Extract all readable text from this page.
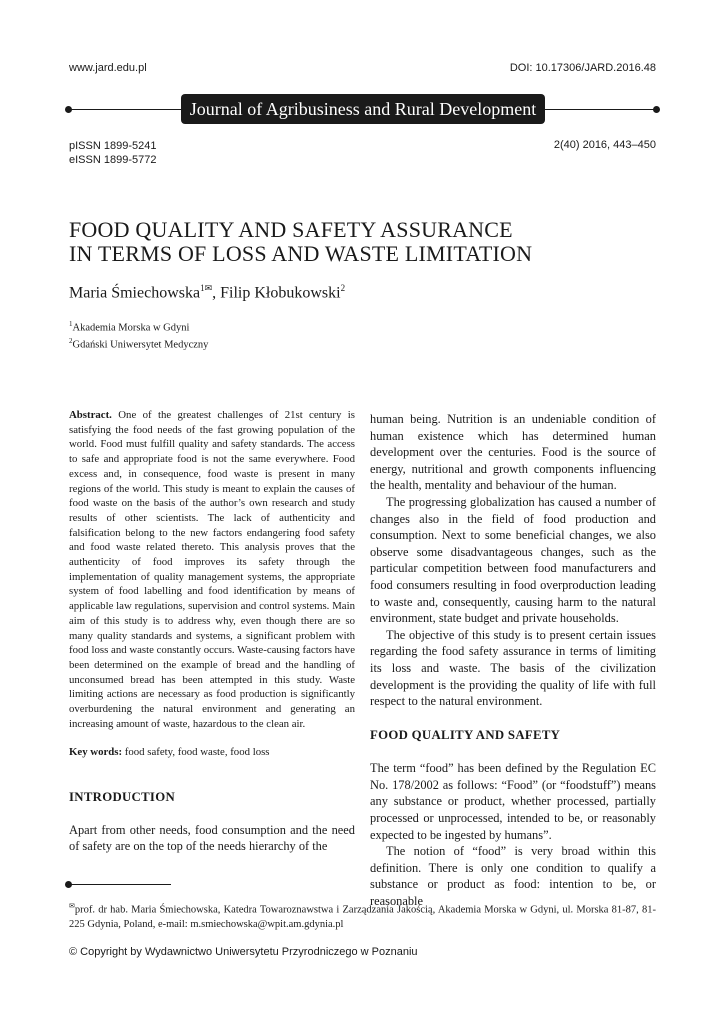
www.jard.edu.pl	DOI: 10.17306/JARD.2016.48
Journal of Agribusiness and Rural Development
pISSN 1899-5241
eISSN 1899-5772
2(40) 2016, 443–450
FOOD QUALITY AND SAFETY ASSURANCE
IN TERMS OF LOSS AND WASTE LIMITATION
Maria Śmiechowska$^{1✉}$, Filip Kłobukowski$^2$
$^1$Akademia Morska w Gdyni
$^2$Gdański Uniwersytet Medyczny
Abstract. One of the greatest challenges of 21st century is satisfying the food needs of the fast growing population of the world. Food must fulfill quality and safety standards. The access to safe and appropriate food is not the same everywhere. Food excess and, in consequence, food waste is present in many regions of the world. This study is meant to explain the causes of food waste on the basis of the author’s own research and study results of other scientists. The lack of authenticity and falsification belong to the new factors endangering food safety and food waste related thereto. This analysis proves that the authenticity of food improves its safety through the implementation of quality management systems, the appropriate system of food labelling and food identification by means of applicable law regulations, supervision and control systems. Main aim of this study is to address why, even though there are so many quality standards and systems, a significant problem with food loss and waste constantly occurs. Waste-causing factors have been determined on the example of bread and the handling of unconsumed bread has been attempted in this study. Waste limiting actions are necessary as food production is significantly overburdening the natural environment and generating an increasing amount of waste, hazardous to the clean air.
Key words: food safety, food waste, food loss
INTRODUCTION
Apart from other needs, food consumption and the need of safety are on the top of the needs hierarchy of the

human being. Nutrition is an undeniable condition of human existence which has determined human development over the centuries. Food is the source of energy, nutritional and growth components influencing the health, mentality and behaviour of the human.

The progressing globalization has caused a number of changes also in the field of food production and consumption. Next to some beneficial changes, we also observe some disadvantageous changes, such as the particular competition between food manufacturers and food consumers resulting in food overproduction leading to waste and, consequently, causing harm to the natural environment, state budget and private households.

The objective of this study is to present certain issues regarding the food safety assurance in terms of limiting its loss and waste. The basis of the civilization development is the providing the quality of life with full respect to the natural environment.

FOOD QUALITY AND SAFETY

The term “food” has been defined by the Regulation EC No. 178/2002 as follows: “Food” (or “foodstuff”) means any substance or product, whether processed, partially processed or unprocessed, intended to be, or reasonably expected to be ingested by humans”.

The notion of “food” is very broad within this definition. There is only one condition to qualify a substance or product as food: intention to be, or reasonable

✉prof. dr hab. Maria Śmiechowska, Katedra Towaroznawstwa i Zarządzania Jakością, Akademia Morska w Gdyni, ul. Morska 81-87, 81-225 Gdynia, Poland, e-mail: m.smiechowska@wpit.am.gdynia.pl
© Copyright by Wydawnictwo Uniwersytetu Przyrodniczego w Poznaniu
